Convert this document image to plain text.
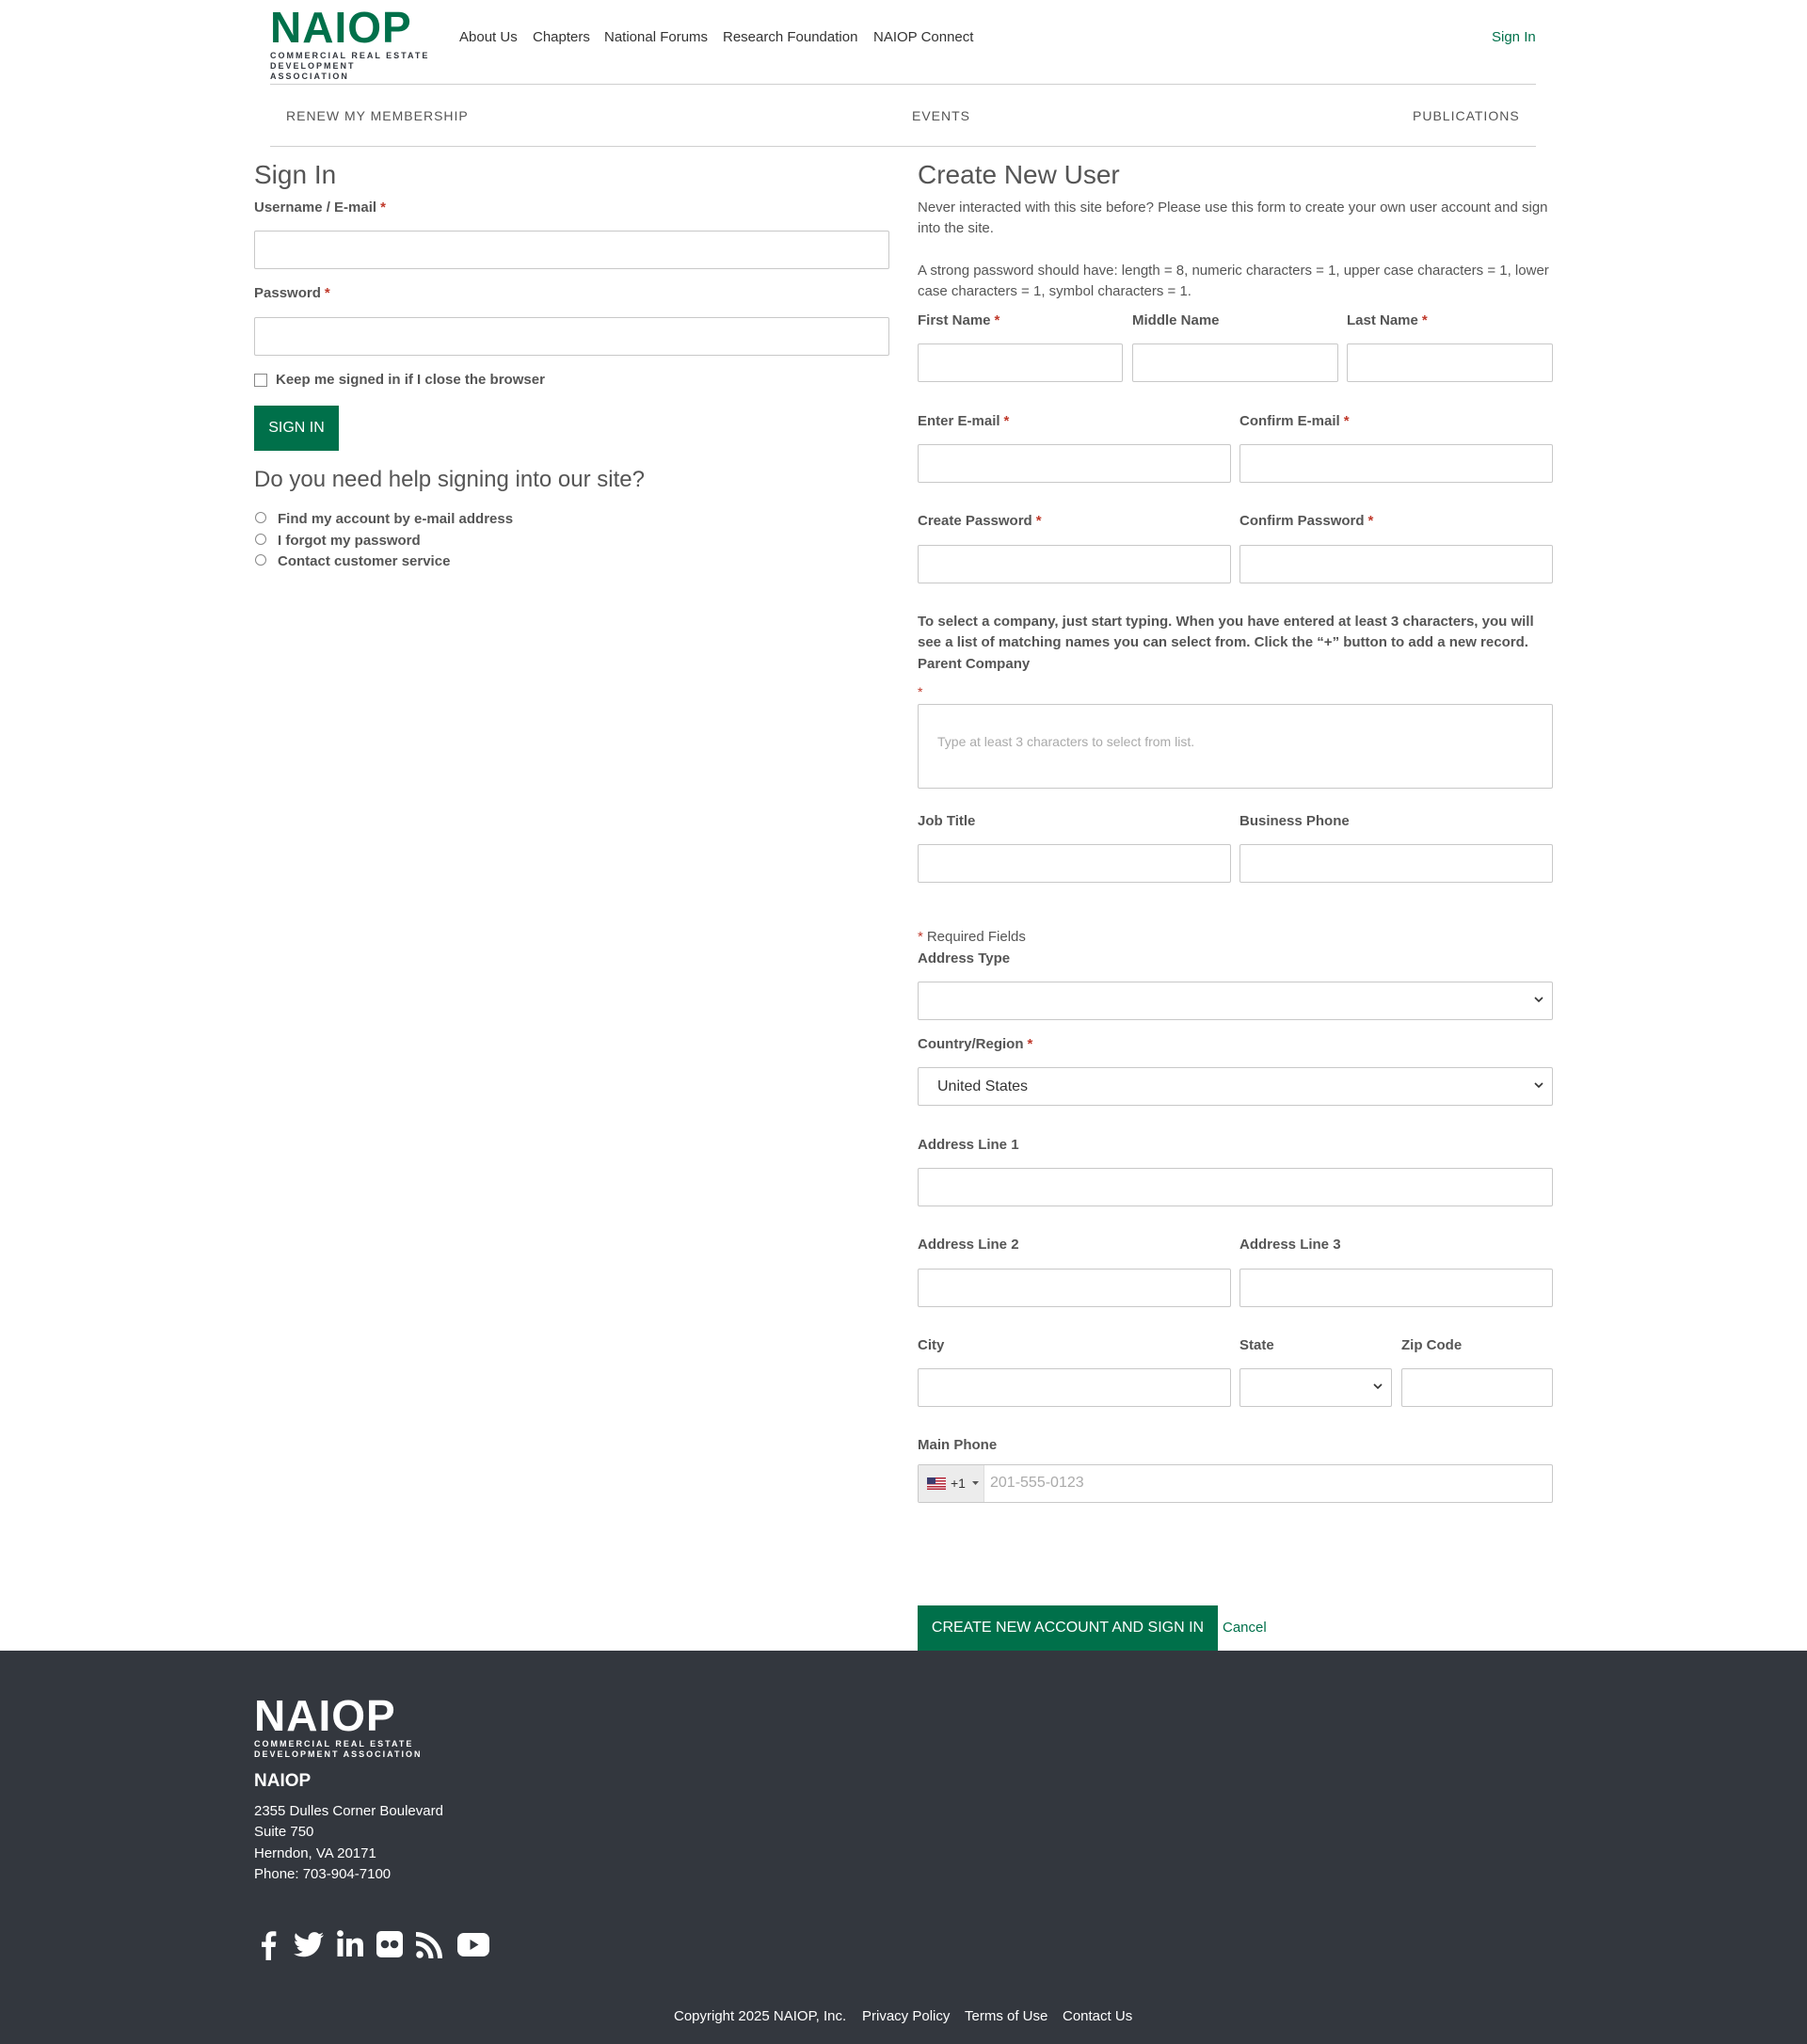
NAIOP
COMMERCIAL REAL ESTATE
DEVELOPMENT ASSOCIATION
About Us Chapters National Forums Research Foundation NAIOP Connect	Sign In
RENEW MY MEMBERSHIP	EVENTS	PUBLICATIONS
Sign In
Username / E-mail *
Password *
Keep me signed in if I close the browser
SIGN IN
Do you need help signing into our site?
Find my account by e-mail address
I forgot my password
Contact customer service
Create New User
Never interacted with this site before? Please use this form to create your own user account and sign into the site.
A strong password should have: length = 8, numeric characters = 1, upper case characters = 1, lower case characters = 1, symbol characters = 1.
First Name *	Middle Name	Last Name *
Enter E-mail *	Confirm E-mail *
Create Password *	Confirm Password *
To select a company, just start typing. When you have entered at least 3 characters, you will see a list of matching names you can select from. Click the “+” button to add a new record.
Parent Company
*
Type at least 3 characters to select from list.
Job Title	Business Phone
* Required Fields
Address Type
Country/Region *
United States
Address Line 1
Address Line 2	Address Line 3
City	State	Zip Code
Main Phone
+1 201-555-0123
CREATE NEW ACCOUNT AND SIGN IN	Cancel
NAIOP
COMMERCIAL REAL ESTATE
DEVELOPMENT ASSOCIATION
NAIOP
2355 Dulles Corner Boulevard
Suite 750
Herndon, VA 20171
Phone: 703-904-7100
Copyright 2025 NAIOP, Inc. Privacy Policy Terms of Use Contact Us
